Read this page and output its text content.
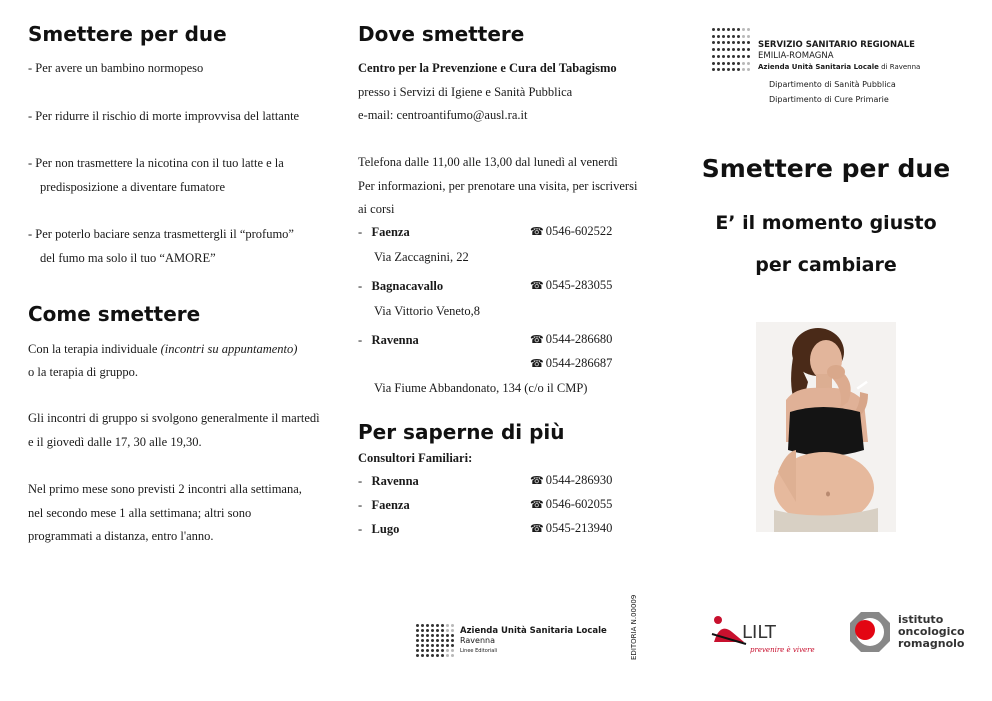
Smettere per due
- Per avere un bambino normopeso
- Per ridurre il rischio di morte improvvisa del lattante
- Per non trasmettere la nicotina con il tuo latte e la
predisposizione a diventare fumatore
- Per poterlo baciare senza trasmettergli il “profumo”
del fumo ma solo il tuo “AMORE”
Come smettere
Con la terapia individuale (incontri su appuntamento)
o la terapia di gruppo.
Gli incontri di gruppo si svolgono generalmente il martedì
e il giovedì dalle 17, 30 alle 19,30.
Nel primo mese sono previsti 2 incontri alla settimana,
nel secondo mese 1 alla settimana; altri sono
programmati a distanza, entro l'anno.
Dove smettere
Centro per la Prevenzione e Cura del Tabagismo
presso i Servizi di Igiene e Sanità Pubblica
e-mail: centroantifumo@ausl.ra.it
Telefona dalle 11,00 alle 13,00 dal lunedì al venerdì
Per informazioni, per prenotare una visita, per iscriversi
ai corsi
-   Faenza	☎ 0546-602522
Via Zaccagnini, 22
-   Bagnacavallo	☎ 0545-283055
Via Vittorio Veneto,8
-   Ravenna	☎ 0544-286680
☎ 0544-286687
Via Fiume Abbandonato, 134 (c/o il CMP)
Per saperne di più
Consultori Familiari:
-   Ravenna	☎ 0544-286930
-   Faenza	☎ 0546-602055
-   Lugo	☎ 0545-213940
Azienda Unità Sanitaria Locale
Ravenna
Linee Editoriali	EDITORIA N.00009
SERVIZIO SANITARIO REGIONALE
EMILIA-ROMAGNA
Azienda Unità Sanitaria Locale di Ravenna
Dipartimento di Sanità Pubblica
Dipartimento di Cure Primarie
Smettere per due
E’ il momento giusto
per cambiare
LILT
prevenire è vivere
istituto
oncologico
romagnolo
